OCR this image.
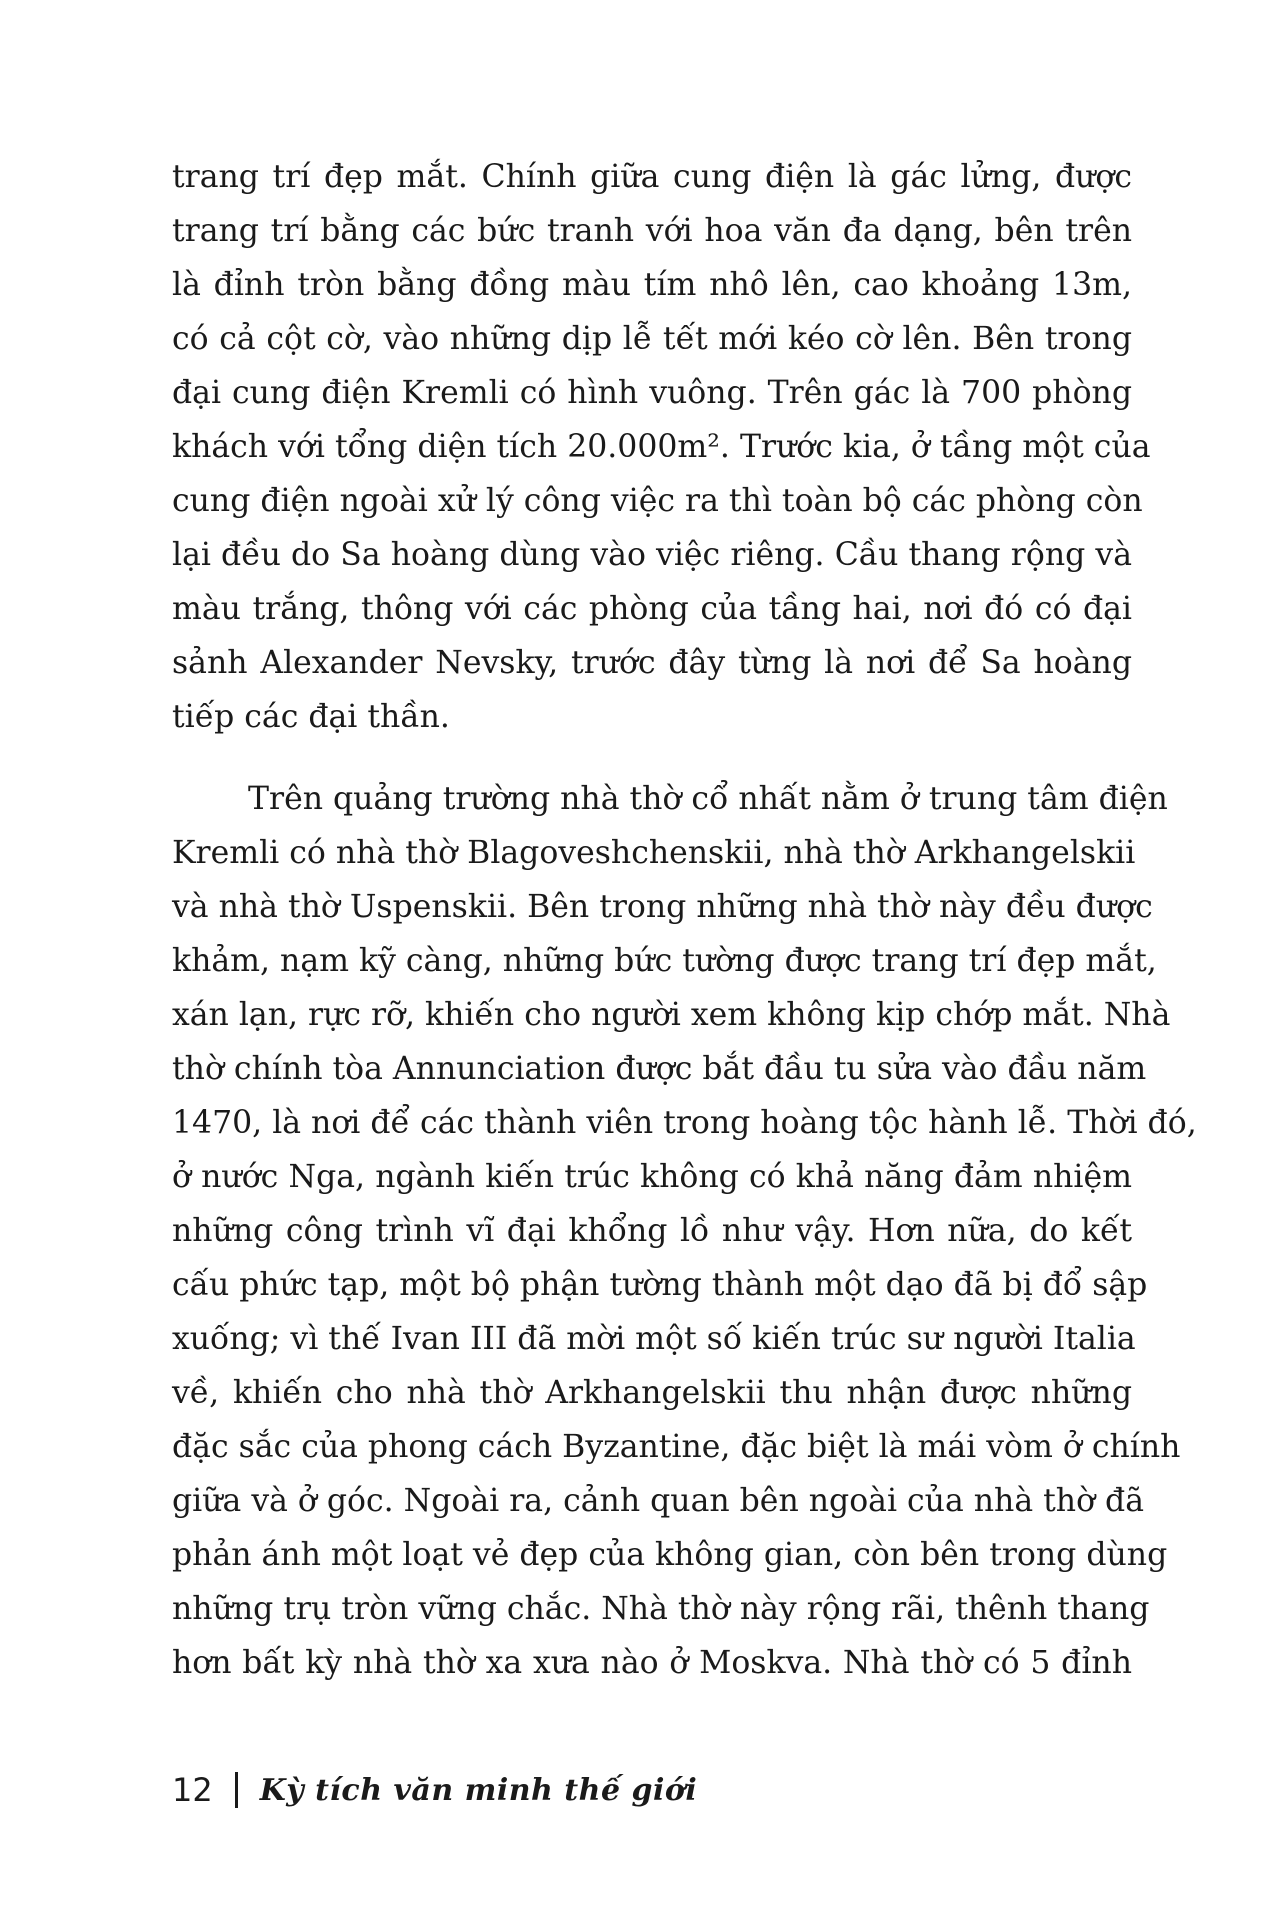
trang trí đẹp mắt. Chính giữa cung điện là gác lửng, được
trang trí bằng các bức tranh với hoa văn đa dạng, bên trên
là đỉnh tròn bằng đồng màu tím nhô lên, cao khoảng 13m,
có cả cột cờ, vào những dịp lễ tết mới kéo cờ lên. Bên trong
đại cung điện Kremli có hình vuông. Trên gác là 700 phòng
khách với tổng diện tích 20.000m². Trước kia, ở tầng một của
cung điện ngoài xử lý công việc ra thì toàn bộ các phòng còn
lại đều do Sa hoàng dùng vào việc riêng. Cầu thang rộng và
màu trắng, thông với các phòng của tầng hai, nơi đó có đại
sảnh Alexander Nevsky, trước đây từng là nơi để Sa hoàng
tiếp các đại thần.
Trên quảng trường nhà thờ cổ nhất nằm ở trung tâm điện
Kremli có nhà thờ Blagoveshchenskii, nhà thờ Arkhangelskii
và nhà thờ Uspenskii. Bên trong những nhà thờ này đều được
khảm, nạm kỹ càng, những bức tường được trang trí đẹp mắt,
xán lạn, rực rỡ, khiến cho người xem không kịp chớp mắt. Nhà
thờ chính tòa Annunciation được bắt đầu tu sửa vào đầu năm
1470, là nơi để các thành viên trong hoàng tộc hành lễ. Thời đó,
ở nước Nga, ngành kiến trúc không có khả năng đảm nhiệm
những công trình vĩ đại khổng lồ như vậy. Hơn nữa, do kết
cấu phức tạp, một bộ phận tường thành một dạo đã bị đổ sập
xuống; vì thế Ivan III đã mời một số kiến trúc sư người Italia
về, khiến cho nhà thờ Arkhangelskii thu nhận được những
đặc sắc của phong cách Byzantine, đặc biệt là mái vòm ở chính
giữa và ở góc. Ngoài ra, cảnh quan bên ngoài của nhà thờ đã
phản ánh một loạt vẻ đẹp của không gian, còn bên trong dùng
những trụ tròn vững chắc. Nhà thờ này rộng rãi, thênh thang
hơn bất kỳ nhà thờ xa xưa nào ở Moskva. Nhà thờ có 5 đỉnh
12 Kỳ tích văn minh thế giới
